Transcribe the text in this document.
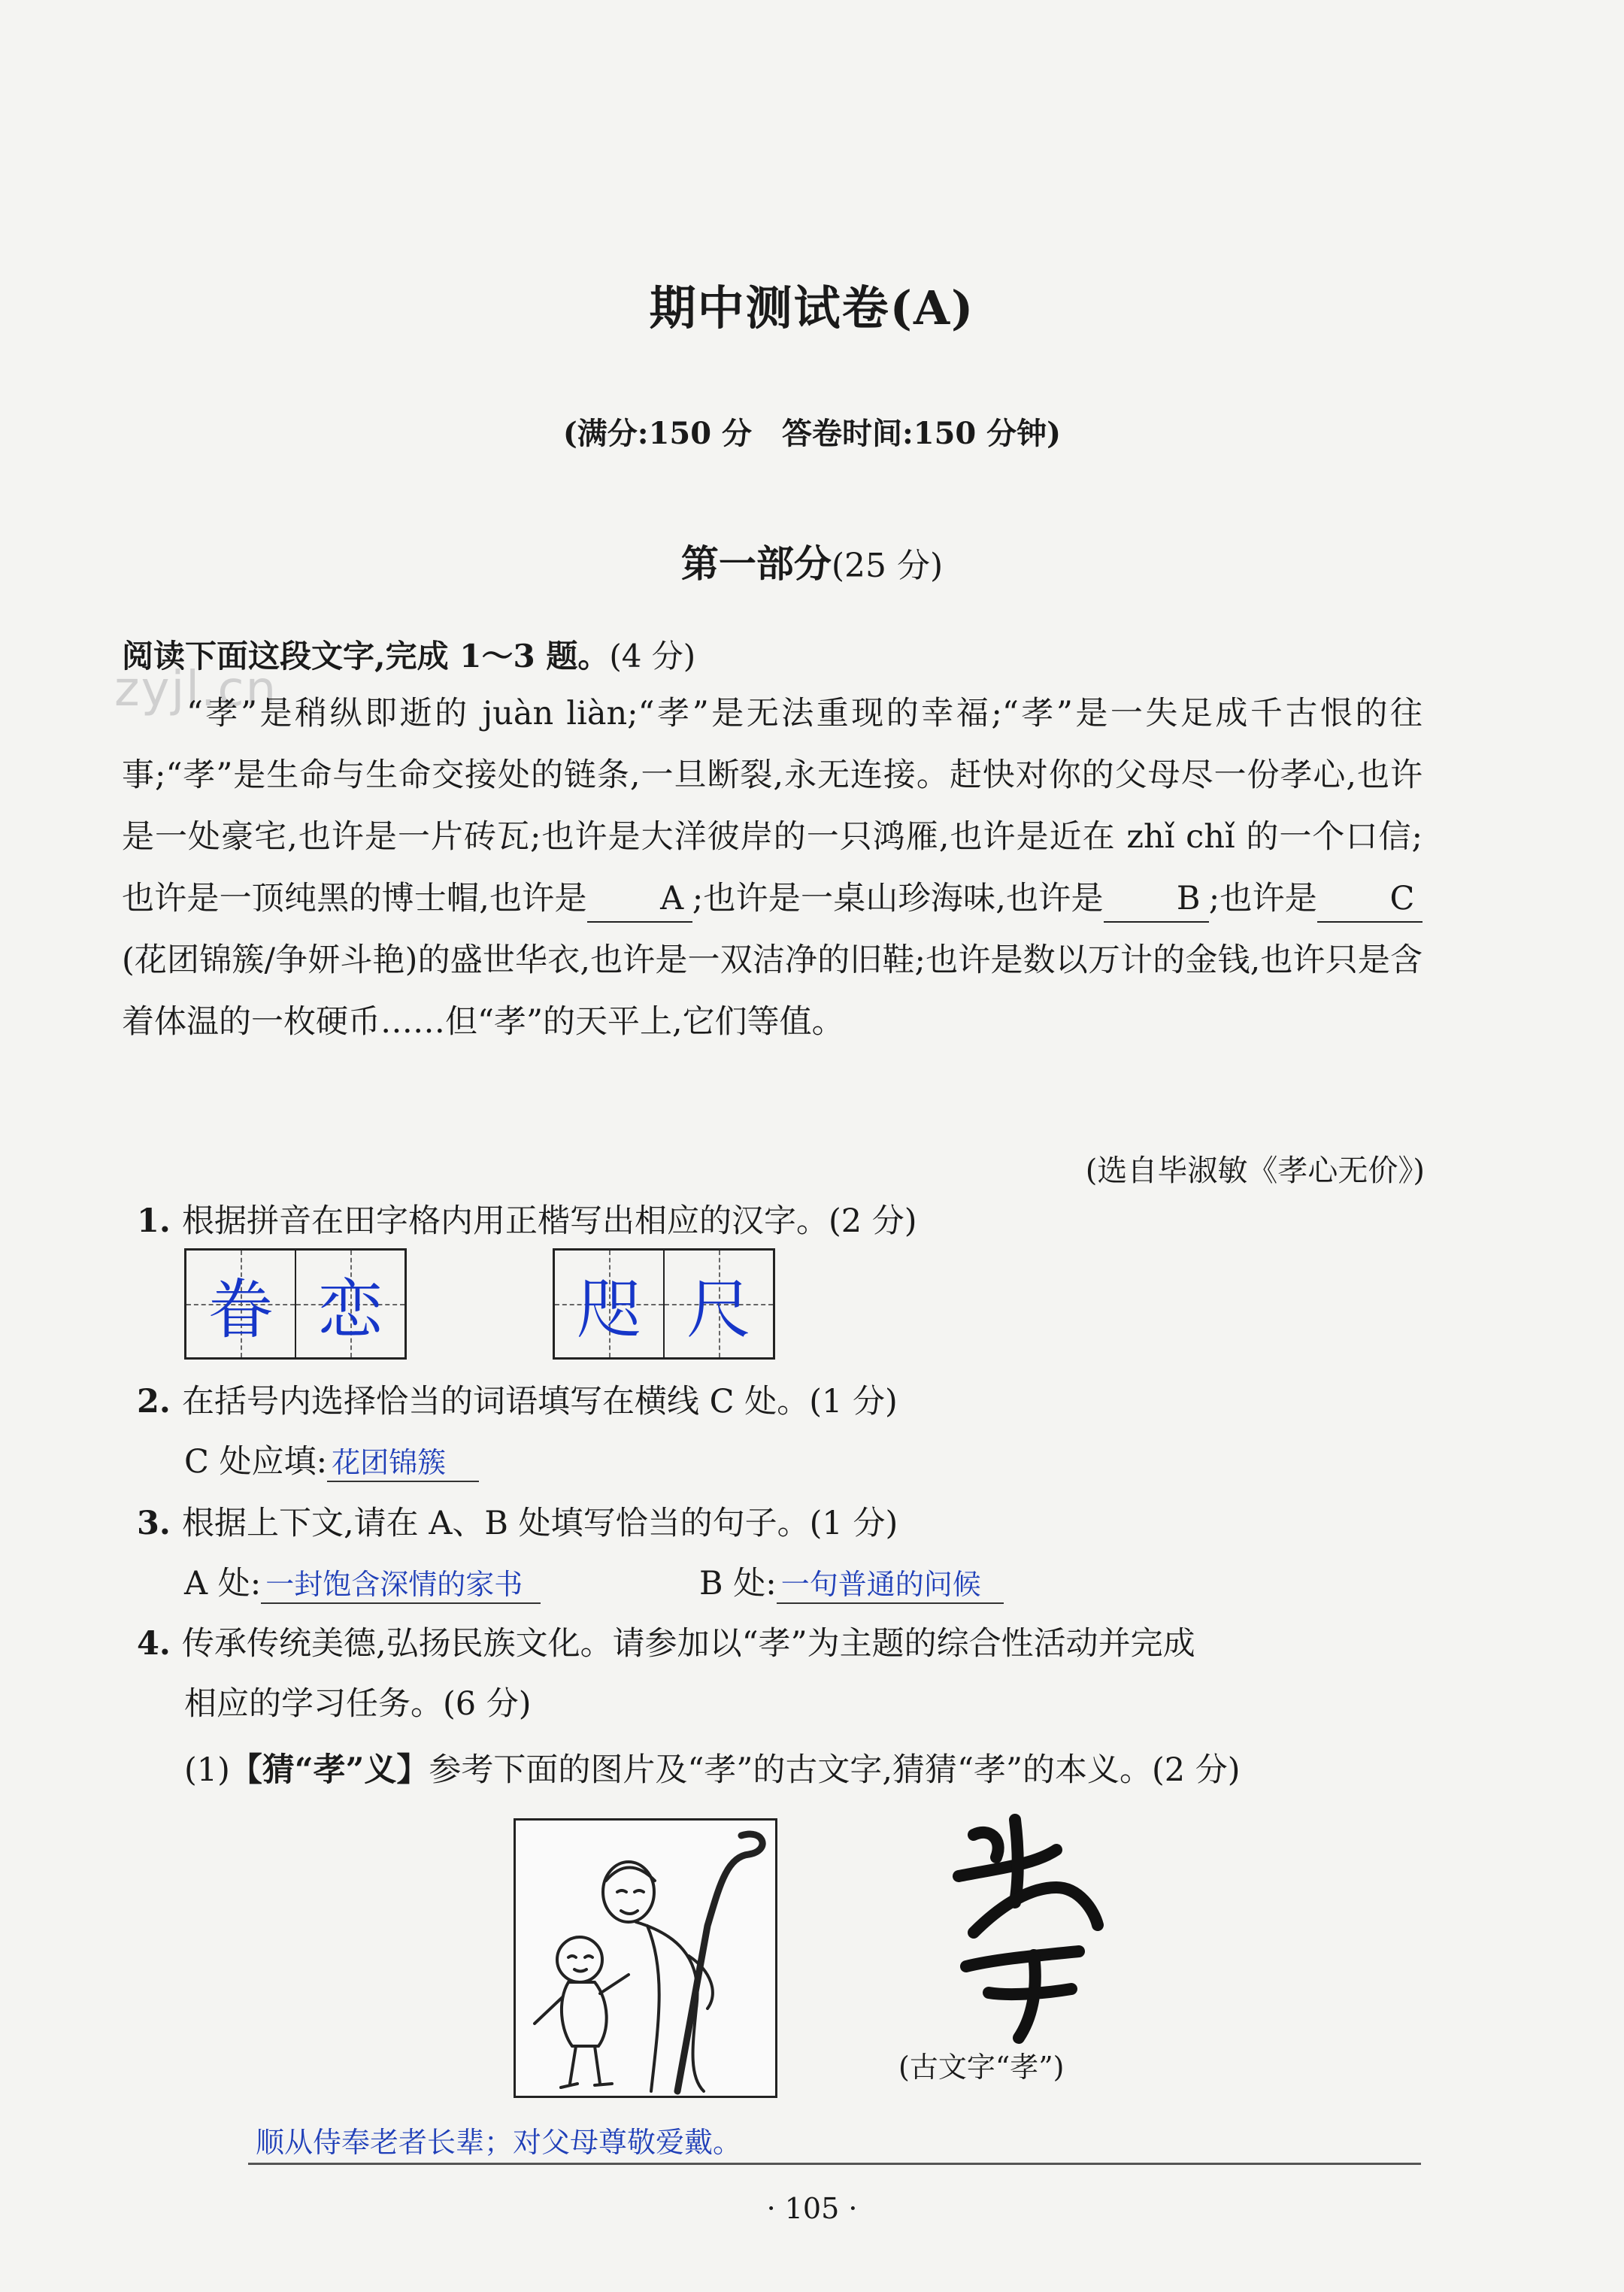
期中测试卷(A)
(满分:150 分　答卷时间:150 分钟)
第一部分(25 分)
阅读下面这段文字,完成 1～3 题。(4 分)
zyjl.cn

“孝”是稍纵即逝的 juàn liàn;“孝”是无法重现的幸福;“孝”是一失足成千古恨的往事;“孝”是生命与生命交接处的链条,一旦断裂,永无连接。赶快对你的父母尽一份孝心,也许是一处豪宅,也许是一片砖瓦;也许是大洋彼岸的一只鸿雁,也许是近在 zhǐ chǐ 的一个口信;也许是一顶纯黑的博士帽,也许是 A ;也许是一桌山珍海味,也许是 B ;也许是 C(花团锦簇/争妍斗艳)的盛世华衣,也许是一双洁净的旧鞋;也许是数以万计的金钱,也许只是含着体温的一枚硬币……但“孝”的天平上,它们等值。

(选自毕淑敏《孝心无价》)
1. 根据拼音在田字格内用正楷写出相应的汉字。(2 分)
眷 恋	咫 尺
2. 在括号内选择恰当的词语填写在横线 C 处。(1 分)
C 处应填: 花团锦簇
3. 根据上下文,请在 A、B 处填写恰当的句子。(1 分)
A 处: 一封饱含深情的家书	B 处: 一句普通的问候
4. 传承传统美德,弘扬民族文化。请参加以“孝”为主题的综合性活动并完成
相应的学习任务。(6 分)
(1)【猜“孝”义】参考下面的图片及“孝”的古文字,猜猜“孝”的本义。(2 分)
(古文字“孝”)
顺从侍奉老者长辈；对父母尊敬爱戴。
· 105 ·
